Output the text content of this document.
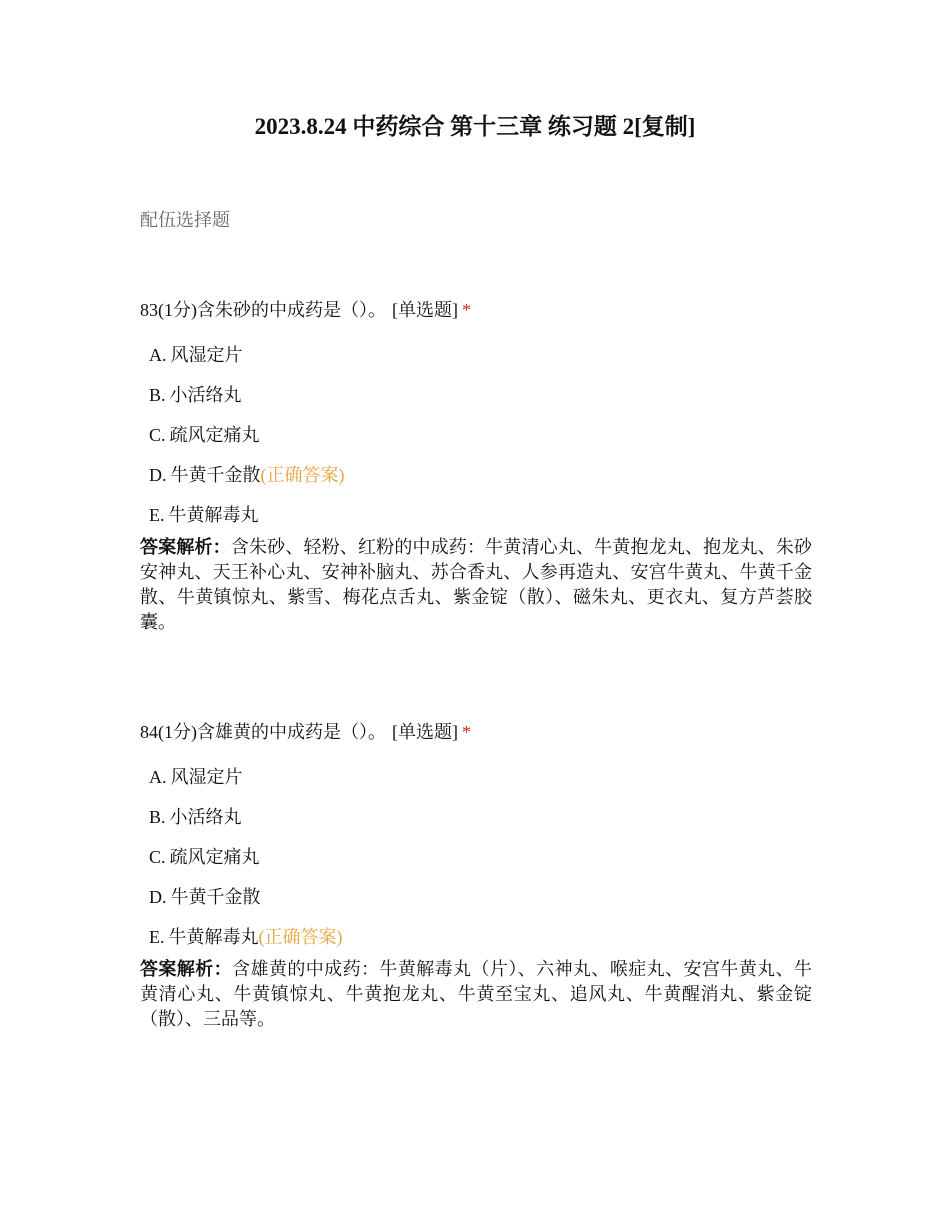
2023.8.24 中药综合 第十三章 练习题 2[复制]
配伍选择题
83(1分)含朱砂的中成药是（）。 [单选题] *
A. 风湿定片
B. 小活络丸
C. 疏风定痛丸
D. 牛黄千金散(正确答案)
E. 牛黄解毒丸
答案解析：含朱砂、轻粉、红粉的中成药：牛黄清心丸、牛黄抱龙丸、抱龙丸、朱砂安神丸、天王补心丸、安神补脑丸、苏合香丸、人参再造丸、安宫牛黄丸、牛黄千金散、牛黄镇惊丸、紫雪、梅花点舌丸、紫金锭（散）、磁朱丸、更衣丸、复方芦荟胶囊。
84(1分)含雄黄的中成药是（）。 [单选题] *
A. 风湿定片
B. 小活络丸
C. 疏风定痛丸
D. 牛黄千金散
E. 牛黄解毒丸(正确答案)
答案解析：含雄黄的中成药：牛黄解毒丸（片）、六神丸、喉症丸、安宫牛黄丸、牛黄清心丸、牛黄镇惊丸、牛黄抱龙丸、牛黄至宝丸、追风丸、牛黄醒消丸、紫金锭（散）、三品等。
